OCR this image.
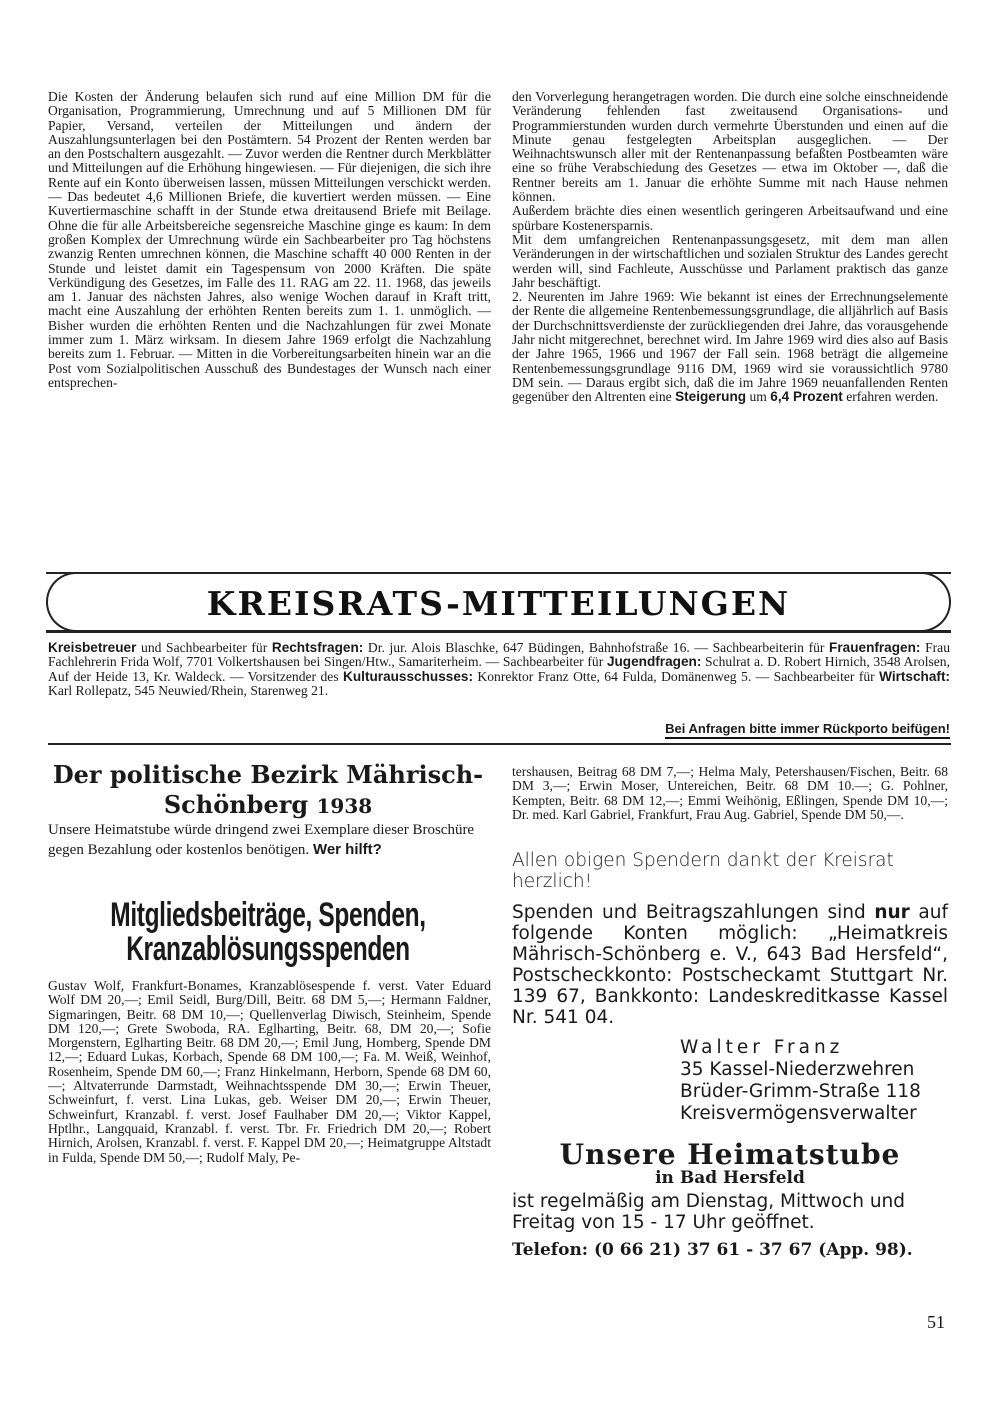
Die Kosten der Änderung belaufen sich rund auf eine Million DM für die Organisation, Programmierung, Umrechnung und auf 5 Millionen DM für Papier, Versand, verteilen der Mitteilungen und ändern der Auszahlungsunterlagen bei den Postämtern. 54 Prozent der Renten werden bar an den Postschaltern ausgezahlt. — Zuvor werden die Rentner durch Merkblätter und Mitteilungen auf die Erhöhung hingewiesen. — Für diejenigen, die sich ihre Rente auf ein Konto überweisen lassen, müssen Mitteilungen verschickt werden. — Das bedeutet 4,6 Millionen Briefe, die kuvertiert werden müssen. — Eine Kuvertiermaschine schafft in der Stunde etwa dreitausend Briefe mit Beilage. Ohne die für alle Arbeitsbereiche segensreiche Maschine ginge es kaum: In dem großen Komplex der Umrechnung würde ein Sachbearbeiter pro Tag höchstens zwanzig Renten umrechnen können, die Maschine schafft 40 000 Renten in der Stunde und leistet damit ein Tagespensum von 2000 Kräften. Die späte Verkündigung des Gesetzes, im Falle des 11. RAG am 22. 11. 1968, das jeweils am 1. Januar des nächsten Jahres, also wenige Wochen darauf in Kraft tritt, macht eine Auszahlung der erhöhten Renten bereits zum 1. 1. unmöglich. — Bisher wurden die erhöhten Renten und die Nachzahlungen für zwei Monate immer zum 1. März wirksam. In diesem Jahre 1969 erfolgt die Nachzahlung bereits zum 1. Februar. — Mitten in die Vorbereitungsarbeiten hinein war an die Post vom Sozialpolitischen Ausschuß des Bundestages der Wunsch nach einer entsprechen-

den Vorverlegung herangetragen worden. Die durch eine solche einschneidende Veränderung fehlenden fast zweitausend Organisations- und Programmierstunden wurden durch vermehrte Überstunden und einen auf die Minute genau festgelegten Arbeitsplan ausgeglichen. — Der Weihnachtswunsch aller mit der Rentenanpassung befaßten Postbeamten wäre eine so frühe Verabschiedung des Gesetzes — etwa im Oktober —, daß die Rentner bereits am 1. Januar die erhöhte Summe mit nach Hause nehmen können.

Außerdem brächte dies einen wesentlich geringeren Arbeitsaufwand und eine spürbare Kostenersparnis.

Mit dem umfangreichen Rentenanpassungsgesetz, mit dem man allen Veränderungen in der wirtschaftlichen und sozialen Struktur des Landes gerecht werden will, sind Fachleute, Ausschüsse und Parlament praktisch das ganze Jahr beschäftigt.

2. Neurenten im Jahre 1969: Wie bekannt ist eines der Errechnungselemente der Rente die allgemeine Rentenbemessungsgrundlage, die alljährlich auf Basis der Durchschnittsverdienste der zurückliegenden drei Jahre, das vorausgehende Jahr nicht mitgerechnet, berechnet wird. Im Jahre 1969 wird dies also auf Basis der Jahre 1965, 1966 und 1967 der Fall sein. 1968 beträgt die allgemeine Rentenbemessungsgrundlage 9116 DM, 1969 wird sie voraussichtlich 9780 DM sein. — Daraus ergibt sich, daß die im Jahre 1969 neuanfallenden Renten gegenüber den Altrenten eine Steigerung um 6,4 Prozent erfahren werden.

KREISRATS-MITTEILUNGEN

Kreisbetreuer und Sachbearbeiter für Rechtsfragen: Dr. jur. Alois Blaschke, 647 Büdingen, Bahnhofstraße 16. — Sachbearbeiterin für Frauenfragen: Frau Fachlehrerin Frida Wolf, 7701 Volkertshausen bei Singen/Htw., Samariterheim. — Sachbearbeiter für Jugendfragen: Schulrat a. D. Robert Hirnich, 3548 Arolsen, Auf der Heide 13, Kr. Waldeck. — Vorsitzender des Kulturausschusses: Konrektor Franz Otte, 64 Fulda, Domänenweg 5. — Sachbearbeiter für Wirtschaft: Karl Rollepatz, 545 Neuwied/Rhein, Starenweg 21.

Bei Anfragen bitte immer Rückporto beifügen!
Der politische Bezirk Mährisch-Schönberg 1938
Unsere Heimatstube würde dringend zwei Exemplare dieser Broschüre gegen Bezahlung oder kostenlos benötigen. Wer hilft?
Mitgliedsbeiträge, Spenden, Kranzablösungsspenden

Gustav Wolf, Frankfurt-Bonames, Kranzablösespende f. verst. Vater Eduard Wolf DM 20,—; Emil Seidl, Burg/Dill, Beitr. 68 DM 5,—; Hermann Faldner, Sigmaringen, Beitr. 68 DM 10,—; Quellenverlag Diwisch, Steinheim, Spende DM 120,—; Grete Swoboda, RA. Eglharting, Beitr. 68, DM 20,—; Sofie Morgenstern, Eglharting Beitr. 68 DM 20,—; Emil Jung, Homberg, Spende DM 12,—; Eduard Lukas, Korbach, Spende 68 DM 100,—; Fa. M. Weiß, Weinhof, Rosenheim, Spende DM 60,—; Franz Hinkelmann, Herborn, Spende 68 DM 60,—; Altvaterrunde Darmstadt, Weihnachtsspende DM 30,—; Erwin Theuer, Schweinfurt, f. verst. Lina Lukas, geb. Weiser DM 20,—; Erwin Theuer, Schweinfurt, Kranzabl. f. verst. Josef Faulhaber DM 20,—; Viktor Kappel, Hptlhr., Langquaid, Kranzabl. f. verst. Tbr. Fr. Friedrich DM 20,—; Robert Hirnich, Arolsen, Kranzabl. f. verst. F. Kappel DM 20,—; Heimatgruppe Altstadt in Fulda, Spende DM 50,—; Rudolf Maly, Pe-

tershausen, Beitrag 68 DM 7,—; Helma Maly, Petershausen/Fischen, Beitr. 68 DM 3,—; Erwin Moser, Untereichen, Beitr. 68 DM 10.—; G. Pohlner, Kempten, Beitr. 68 DM 12,—; Emmi Weihönig, Eßlingen, Spende DM 10,—; Dr. med. Karl Gabriel, Frankfurt, Frau Aug. Gabriel, Spende DM 50,—.

Allen obigen Spendern dankt der Kreisrat herzlich!
Spenden und Beitragszahlungen sind nur auf folgende Konten möglich: „Heimatkreis Mährisch-Schönberg e. V., 643 Bad Hersfeld“, Postscheckkonto: Postscheckamt Stuttgart Nr. 139 67, Bankkonto: Landeskreditkasse Kassel Nr. 541 04.
Walter Franz
35 Kassel-Niederzwehren
Brüder-Grimm-Straße 118
Kreisvermögensverwalter
Unsere Heimatstube
in Bad Hersfeld
ist regelmäßig am Dienstag, Mittwoch und Freitag von 15 - 17 Uhr geöffnet.
Telefon: (0 66 21) 37 61 - 37 67 (App. 98).
51
